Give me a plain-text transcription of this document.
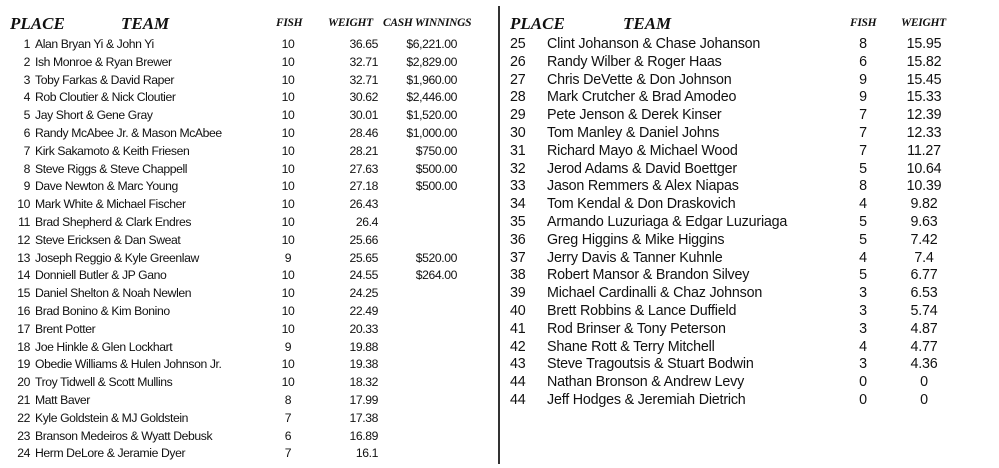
PLACE	TEAM	FISH WEIGHT CASH WINNINGS
1 Alan Bryan Yi & John Yi	10	36.65	$6,221.00
2 Ish Monroe & Ryan Brewer	10	32.71	$2,829.00
3 Toby Farkas & David Raper	10	32.71	$1,960.00
4 Rob Cloutier & Nick Cloutier	10	30.62	$2,446.00
5 Jay Short & Gene Gray	10	30.01	$1,520.00
6 Randy McAbee Jr. & Mason McAbee	10	28.46	$1,000.00
7 Kirk Sakamoto & Keith Friesen	10	28.21	$750.00
8 Steve Riggs & Steve Chappell	10	27.63	$500.00
9 Dave Newton & Marc Young	10	27.18	$500.00
10 Mark White & Michael Fischer	10	26.43
11 Brad Shepherd & Clark Endres	10	26.4
12 Steve Ericksen & Dan Sweat	10	25.66
13 Joseph Reggio & Kyle Greenlaw	9	25.65	$520.00
14 Donniell Butler & JP Gano	10	24.55	$264.00
15 Daniel Shelton & Noah Newlen	10	24.25
16 Brad Bonino & Kim Bonino	10	22.49
17 Brent Potter	10	20.33
18 Joe Hinkle & Glen Lockhart	9	19.88
19 Obedie Williams & Hulen Johnson Jr.	10	19.38
20 Troy Tidwell & Scott Mullins	10	18.32
21 Matt Baver	8	17.99
22 Kyle Goldstein & MJ Goldstein	7	17.38
23 Branson Medeiros & Wyatt Debusk	6	16.89
24 Herm DeLore & Jeramie Dyer	7	16.1
PLACE	TEAM	FISH WEIGHT
25	Clint Johanson & Chase Johanson	8	15.95
26	Randy Wilber & Roger Haas	6	15.82
27	Chris DeVette & Don Johnson	9	15.45
28	Mark Crutcher & Brad Amodeo	9	15.33
29	Pete Jenson & Derek Kinser	7	12.39
30	Tom Manley & Daniel Johns	7	12.33
31	Richard Mayo & Michael Wood	7	11.27
32	Jerod Adams & David Boettger	5	10.64
33	Jason Remmers & Alex Niapas	8	10.39
34	Tom Kendal & Don Draskovich	4	9.82
35	Armando Luzuriaga & Edgar Luzuriaga	5	9.63
36	Greg Higgins & Mike Higgins	5	7.42
37	Jerry Davis & Tanner Kuhnle	4	7.4
38	Robert Mansor & Brandon Silvey	5	6.77
39	Michael Cardinalli & Chaz Johnson	3	6.53
40	Brett Robbins & Lance Duffield	3	5.74
41	Rod Brinser & Tony Peterson	3	4.87
42	Shane Rott & Terry Mitchell	4	4.77
43	Steve Tragoutsis & Stuart Bodwin	3	4.36
44	Nathan Bronson & Andrew Levy	0	0
44	Jeff Hodges & Jeremiah Dietrich	0	0
